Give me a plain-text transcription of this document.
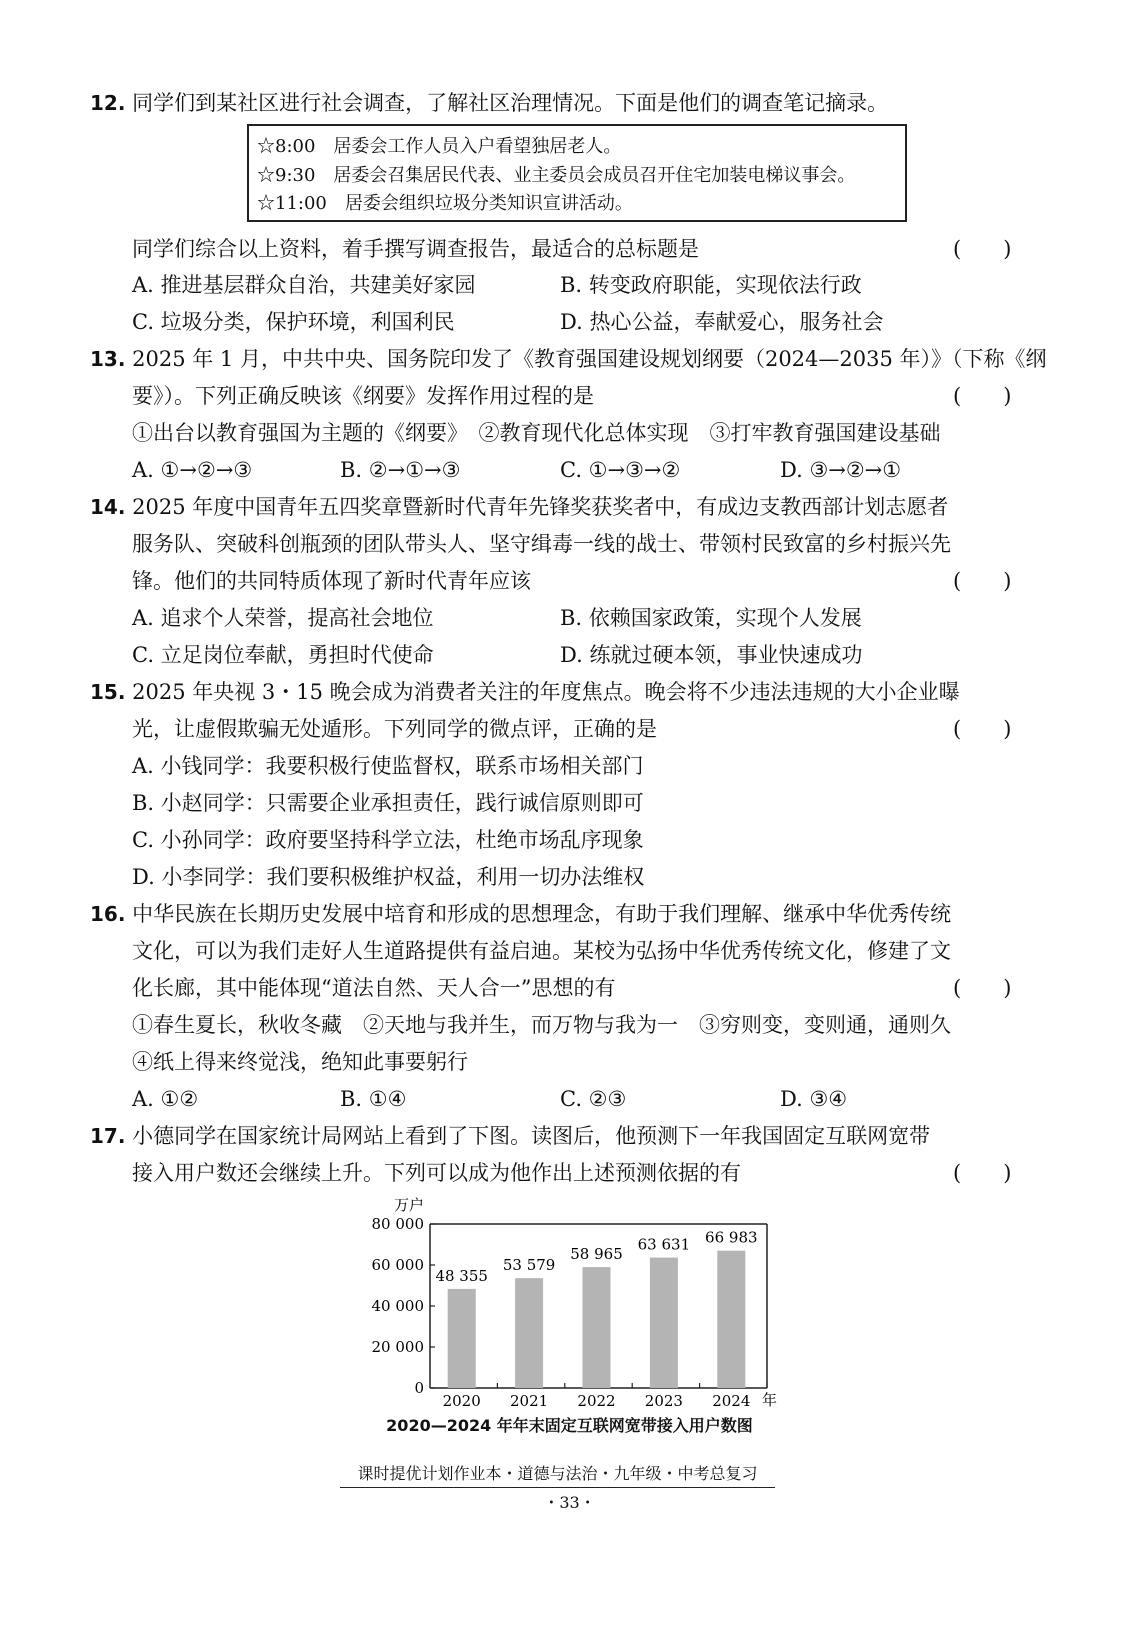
12. 同学们到某社区进行社会调查，了解社区治理情况。下面是他们的调查笔记摘录。
☆8:00　居委会工作人员入户看望独居老人。
☆9:30　居委会召集居民代表、业主委员会成员召开住宅加装电梯议事会。
☆11:00　居委会组织垃圾分类知识宣讲活动。
同学们综合以上资料，着手撰写调查报告，最适合的总标题是	(　　)
A. 推进基层群众自治，共建美好家园	B. 转变政府职能，实现依法行政
C. 垃圾分类，保护环境，利国利民	D. 热心公益，奉献爱心，服务社会
13. 2025 年 1 月，中共中央、国务院印发了《教育强国建设规划纲要（2024—2035 年）》（下称《纲
要》）。下列正确反映该《纲要》发挥作用过程的是	(　　)
①出台以教育强国为主题的《纲要》　②教育现代化总体实现　③打牢教育强国建设基础
A. ①→②→③	B. ②→①→③	C. ①→③→②	D. ③→②→①
14. 2025 年度中国青年五四奖章暨新时代青年先锋奖获奖者中，有成边支教西部计划志愿者
服务队、突破科创瓶颈的团队带头人、坚守缉毒一线的战士、带领村民致富的乡村振兴先
锋。他们的共同特质体现了新时代青年应该	(　　)
A. 追求个人荣誉，提高社会地位	B. 依赖国家政策，实现个人发展
C. 立足岗位奉献，勇担时代使命	D. 练就过硬本领，事业快速成功
15. 2025 年央视 3・15 晚会成为消费者关注的年度焦点。晚会将不少违法违规的大小企业曝
光，让虚假欺骗无处遁形。下列同学的微点评，正确的是	(　　)
A. 小钱同学：我要积极行使监督权，联系市场相关部门
B. 小赵同学：只需要企业承担责任，践行诚信原则即可
C. 小孙同学：政府要坚持科学立法，杜绝市场乱序现象
D. 小李同学：我们要积极维护权益，利用一切办法维权
16. 中华民族在长期历史发展中培育和形成的思想理念，有助于我们理解、继承中华优秀传统
文化，可以为我们走好人生道路提供有益启迪。某校为弘扬中华优秀传统文化，修建了文
化长廊，其中能体现“道法自然、天人合一”思想的有	(　　)
①春生夏长，秋收冬藏　②天地与我并生，而万物与我为一　③穷则变，变则通，通则久
④纸上得来终觉浅，绝知此事要躬行
A. ①②	B. ①④	C. ②③	D. ③④
17. 小德同学在国家统计局网站上看到了下图。读图后，他预测下一年我国固定互联网宽带
接入用户数还会继续上升。下列可以成为他作出上述预测依据的有	(　　)
0
20 000
40 000
60 000
80 000
万户
48 355
2020
53 579
2021
58 965
2022
63 631
2023
66 983
2024 年
2020—2024 年年末固定互联网宽带接入用户数图
课时提优计划作业本・道德与法治・九年级・中考总复习
・33・
